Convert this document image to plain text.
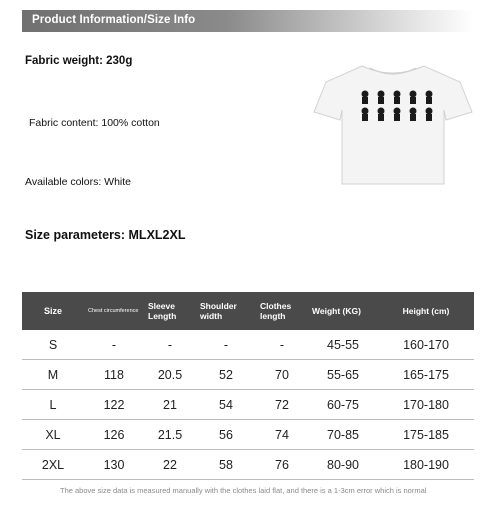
Product Information/Size Info
Fabric weight: 230g
Fabric content: 100% cotton
Available colors: White
Size parameters: MLXL2XL
Size	Chest circumference	Sleeve Length	Shoulder width	Clothes length	Weight (KG)	Height (cm)
S	-	-	-	-	45-55	160-170
M	118	20.5	52	70	55-65	165-175
L	122	21	54	72	60-75	170-180
XL	126	21.5	56	74	70-85	175-185
2XL	130	22	58	76	80-90	180-190
The above size data is measured manually with the clothes laid flat, and there is a 1-3cm error which is normal
